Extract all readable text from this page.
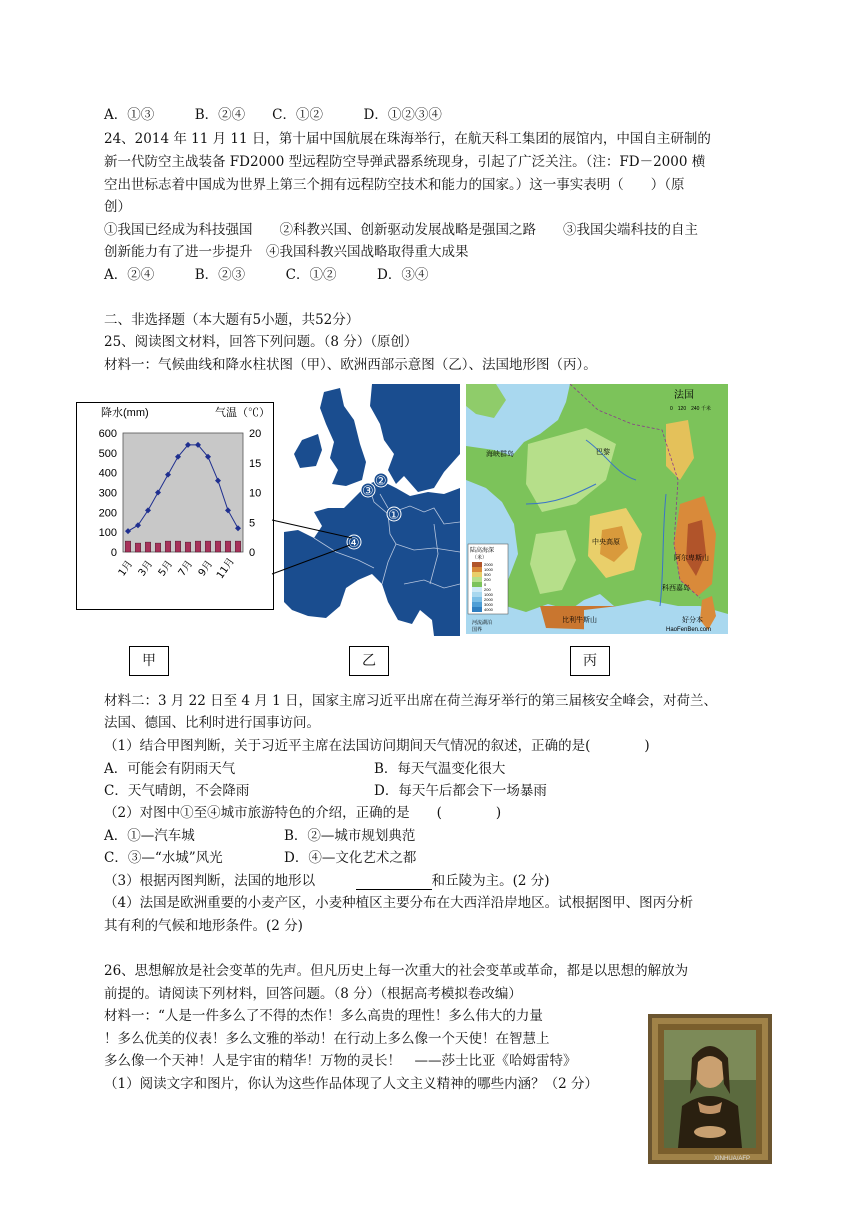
A．①③　　　B．②④　　C．①②　　　D．①②③④
24、2014 年 11 月 11 日，第十届中国航展在珠海举行，在航天科工集团的展馆内，中国自主研制的
新一代防空主战装备 FD2000 型远程防空导弹武器系统现身，引起了广泛关注。（注：FD－2000 横
空出世标志着中国成为世界上第三个拥有远程防空技术和能力的国家。）这一事实表明（　　）（原
创）
①我国已经成为科技强国　　②科教兴国、创新驱动发展战略是强国之路　　③我国尖端科技的自主
创新能力有了进一步提升　④我国科教兴国战略取得重大成果
A．②④　　　B．②③　　　C．①②　　　D．③④
二、非选择题（本大题有5小题，共52分）
25、阅读图文材料，回答下列问题。（8 分）（原创）
材料一：气候曲线和降水柱状图（甲）、欧洲西部示意图（乙）、法国地形图（丙）。
降水(mm)	气温（℃）
600
500
400
300
200
100
0
20
15
10
5
0
1月 3月 5月 7月 9月 11月
②
③
①
④	陆高海深
（米）
2000
1000
500
200
0
200
1000
2000
3000
4000
法国
0　120　240 千米
巴黎
海峡群岛
中央高原
阿尔卑斯山
比利牛斯山
科西嘉岛
河流湖泊
国界
好分本
HaoFenBen.com
甲	乙	丙
材料二：3 月 22 日至 4 月 1 日，国家主席习近平出席在荷兰海牙举行的第三届核安全峰会，对荷兰、
法国、德国、比利时进行国事访问。
（1）结合甲图判断，关于习近平主席在法国访问期间天气情况的叙述，正确的是(　　　　)
A．可能会有阴雨天气	B．每天气温变化很大
C．天气晴朗，不会降雨	D．每天午后都会下一场暴雨
（2）对图中①至④城市旅游特色的介绍，正确的是　　(　　　　)
A．①—汽车城	B．②—城市规划典范
C．③—“水城”风光	D．④—文化艺术之都
（3）根据丙图判断，法国的地形以　　　	和丘陵为主。(2 分)
（4）法国是欧洲重要的小麦产区，小麦种植区主要分布在大西洋沿岸地区。试根据图甲、图丙分析
其有利的气候和地形条件。(2 分)
26、思想解放是社会变革的先声。但凡历史上每一次重大的社会变革或革命，都是以思想的解放为
前提的。请阅读下列材料，回答问题。（8 分）（根据高考模拟卷改编）
材料一：“人是一件多么了不得的杰作！多么高贵的理性！多么伟大的力量
！多么优美的仪表！多么文雅的举动！在行动上多么像一个天使！在智慧上
多么像一个天神！人是宇宙的精华！万物的灵长！　——莎士比亚《哈姆雷特》
（1）阅读文字和图片，你认为这些作品体现了人文主义精神的哪些内涵？（2 分）
XINHUA/AFP
